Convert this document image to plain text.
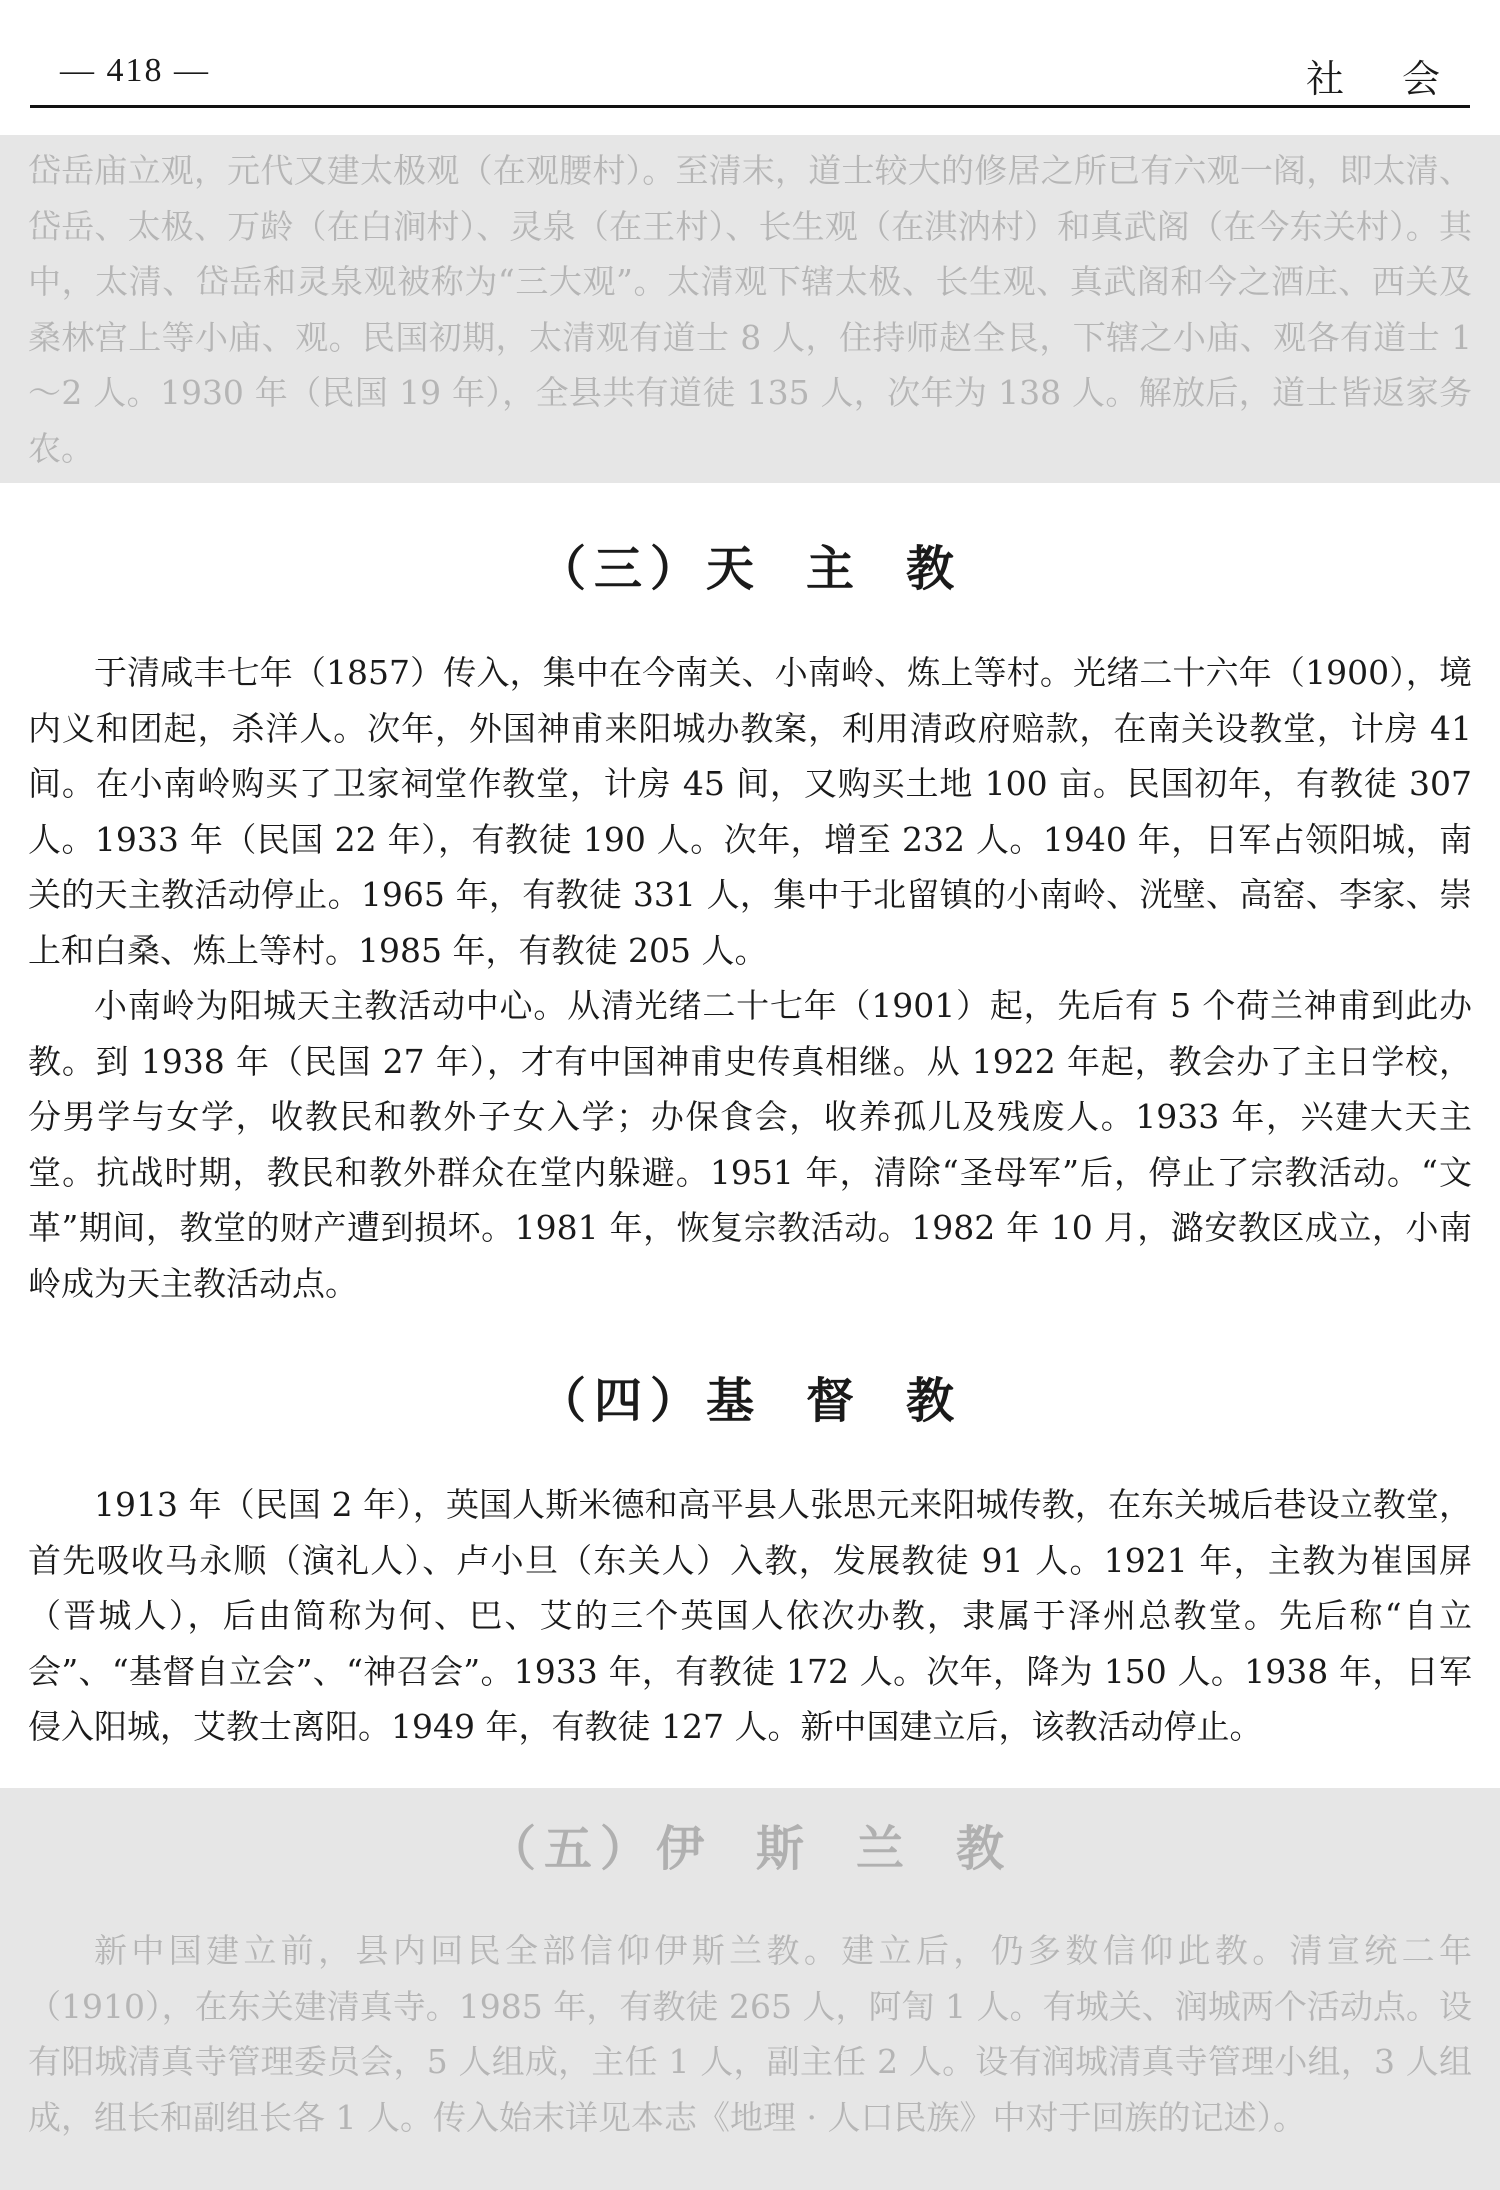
— 418 —	社会

岱岳庙立观，元代又建太极观（在观腰村）。至清末，道士较大的修居之所已有六观一阁，即太清、岱岳、太极、万龄（在白涧村）、灵泉（在王村）、长生观（在淇汭村）和真武阁（在今东关村）。其中，太清、岱岳和灵泉观被称为“三大观”。太清观下辖太极、长生观、真武阁和今之酒庄、西关及桑林宫上等小庙、观。民国初期，太清观有道士 8 人，住持师赵全艮，下辖之小庙、观各有道士 1～2 人。1930 年（民国 19 年），全县共有道徒 135 人，次年为 138 人。解放后，道士皆返家务农。

（三）天 主 教

于清咸丰七年（1857）传入，集中在今南关、小南岭、炼上等村。光绪二十六年（1900），境内义和团起，杀洋人。次年，外国神甫来阳城办教案，利用清政府赔款，在南关设教堂，计房 41 间。在小南岭购买了卫家祠堂作教堂，计房 45 间，又购买土地 100 亩。民国初年，有教徒 307 人。1933 年（民国 22 年），有教徒 190 人。次年，增至 232 人。1940 年，日军占领阳城，南关的天主教活动停止。1965 年，有教徒 331 人，集中于北留镇的小南岭、洸壁、高窑、李家、崇上和白桑、炼上等村。1985 年，有教徒 205 人。

小南岭为阳城天主教活动中心。从清光绪二十七年（1901）起，先后有 5 个荷兰神甫到此办教。到 1938 年（民国 27 年），才有中国神甫史传真相继。从 1922 年起，教会办了主日学校，分男学与女学，收教民和教外子女入学；办保食会，收养孤儿及残废人。1933 年，兴建大天主堂。抗战时期，教民和教外群众在堂内躲避。1951 年，清除“圣母军”后，停止了宗教活动。“文革”期间，教堂的财产遭到损坏。1981 年，恢复宗教活动。1982 年 10 月，潞安教区成立，小南岭成为天主教活动点。

（四）基 督 教

1913 年（民国 2 年），英国人斯米德和高平县人张思元来阳城传教，在东关城后巷设立教堂，首先吸收马永顺（演礼人）、卢小旦（东关人）入教，发展教徒 91 人。1921 年，主教为崔国屏（晋城人），后由简称为何、巴、艾的三个英国人依次办教，隶属于泽州总教堂。先后称“自立会”、“基督自立会”、“神召会”。1933 年，有教徒 172 人。次年，降为 150 人。1938 年，日军侵入阳城，艾教士离阳。1949 年，有教徒 127 人。新中国建立后，该教活动停止。

（五）伊 斯 兰 教

新中国建立前，县内回民全部信仰伊斯兰教。建立后，仍多数信仰此教。清宣统二年（1910），在东关建清真寺。1985 年，有教徒 265 人，阿訇 1 人。有城关、润城两个活动点。设有阳城清真寺管理委员会，5 人组成，主任 1 人，副主任 2 人。设有润城清真寺管理小组，3 人组成，组长和副组长各 1 人。传入始末详见本志《地理 · 人口民族》中对于回族的记述）。
